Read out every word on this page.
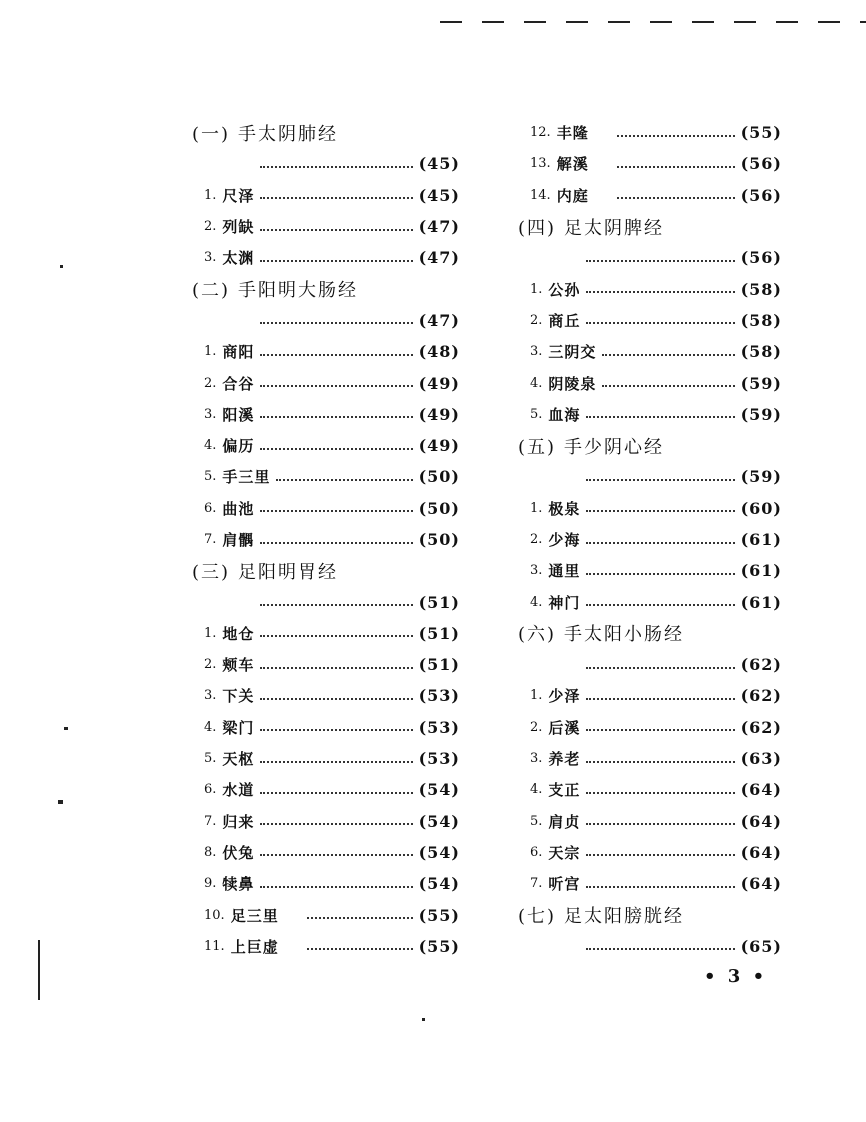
(一) 手太阴肺经
(45)
1. 尺泽	(45)
2. 列缺	(47)
3. 太渊	(47)
(二) 手阳明大肠经
(47)
1. 商阳	(48)
2. 合谷	(49)
3. 阳溪	(49)
4. 偏历	(49)
5. 手三里	(50)
6. 曲池	(50)
7. 肩髃	(50)
(三) 足阳明胃经
(51)
1. 地仓	(51)
2. 颊车	(51)
3. 下关	(53)
4. 梁门	(53)
5. 天枢	(53)
6. 水道	(54)
7. 归来	(54)
8. 伏兔	(54)
9. 犊鼻	(54)
10. 足三里	(55)
11. 上巨虚	(55)
12. 丰隆	(55)
13. 解溪	(56)
14. 内庭	(56)
(四) 足太阴脾经
(56)
1. 公孙	(58)
2. 商丘	(58)
3. 三阴交	(58)
4. 阴陵泉	(59)
5. 血海	(59)
(五) 手少阴心经
(59)
1. 极泉	(60)
2. 少海	(61)
3. 通里	(61)
4. 神门	(61)
(六) 手太阳小肠经
(62)
1. 少泽	(62)
2. 后溪	(62)
3. 养老	(63)
4. 支正	(64)
5. 肩贞	(64)
6. 天宗	(64)
7. 听宫	(64)
(七) 足太阳膀胱经
(65)
• 3 •
